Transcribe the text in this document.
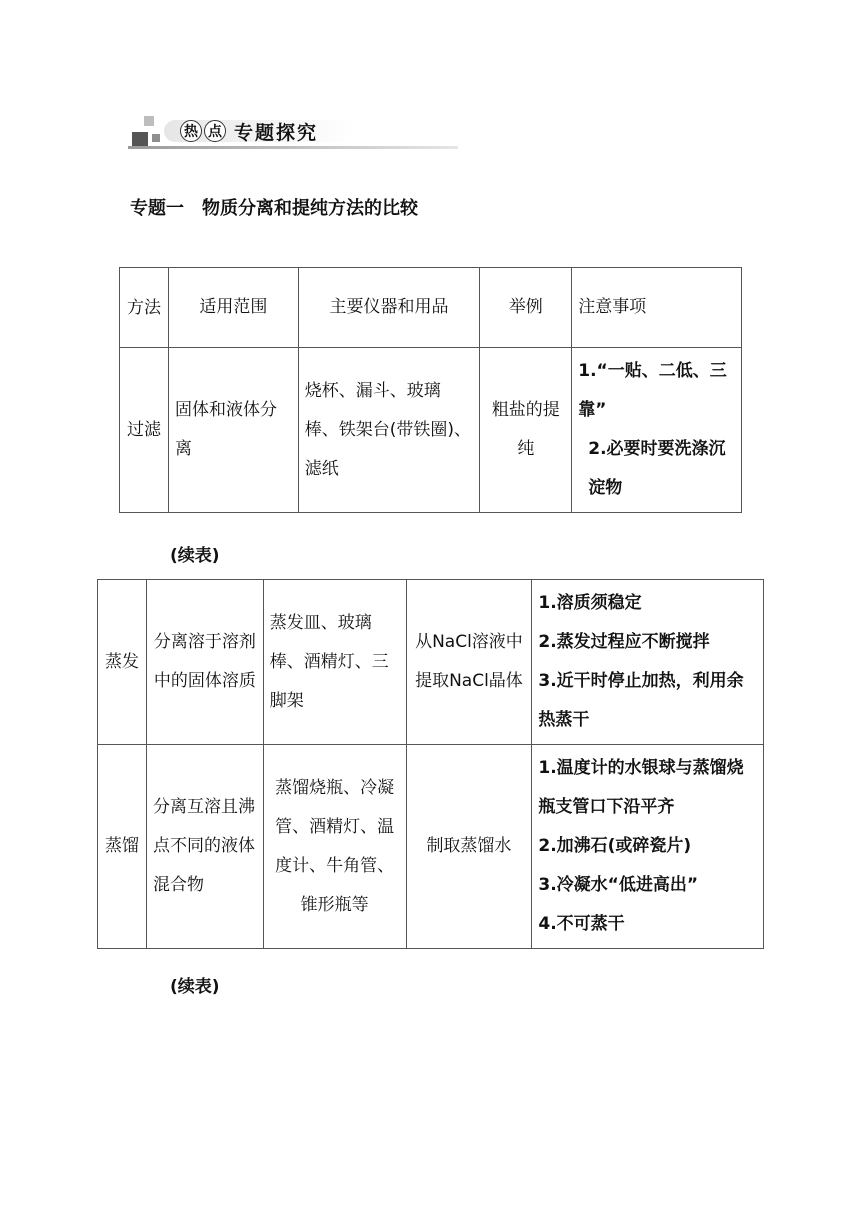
热 点 专题探究
专题一　物质分离和提纯方法的比较
方法	适用范围	主要仪器和用品	举例	注意事项
过滤	固体和液体分离	烧杯、漏斗、玻璃棒、铁架台(带铁圈)、滤纸	粗盐的提纯	1.“一贴、二低、三靠”
2.必要时要洗涤沉淀物
(续表)
蒸发	分离溶于溶剂中的固体溶质	蒸发皿、玻璃棒、酒精灯、三脚架	从NaCl溶液中提取NaCl晶体	1.溶质须稳定
2.蒸发过程应不断搅拌
3.近干时停止加热，利用余热蒸干

蒸馏	分离互溶且沸点不同的液体混合物	蒸馏烧瓶、冷凝管、酒精灯、温度计、牛角管、锥形瓶等	制取蒸馏水	1.温度计的水银球与蒸馏烧瓶支管口下沿平齐
2.加沸石(或碎瓷片)
3.冷凝水“低进高出”
4.不可蒸干
(续表)
